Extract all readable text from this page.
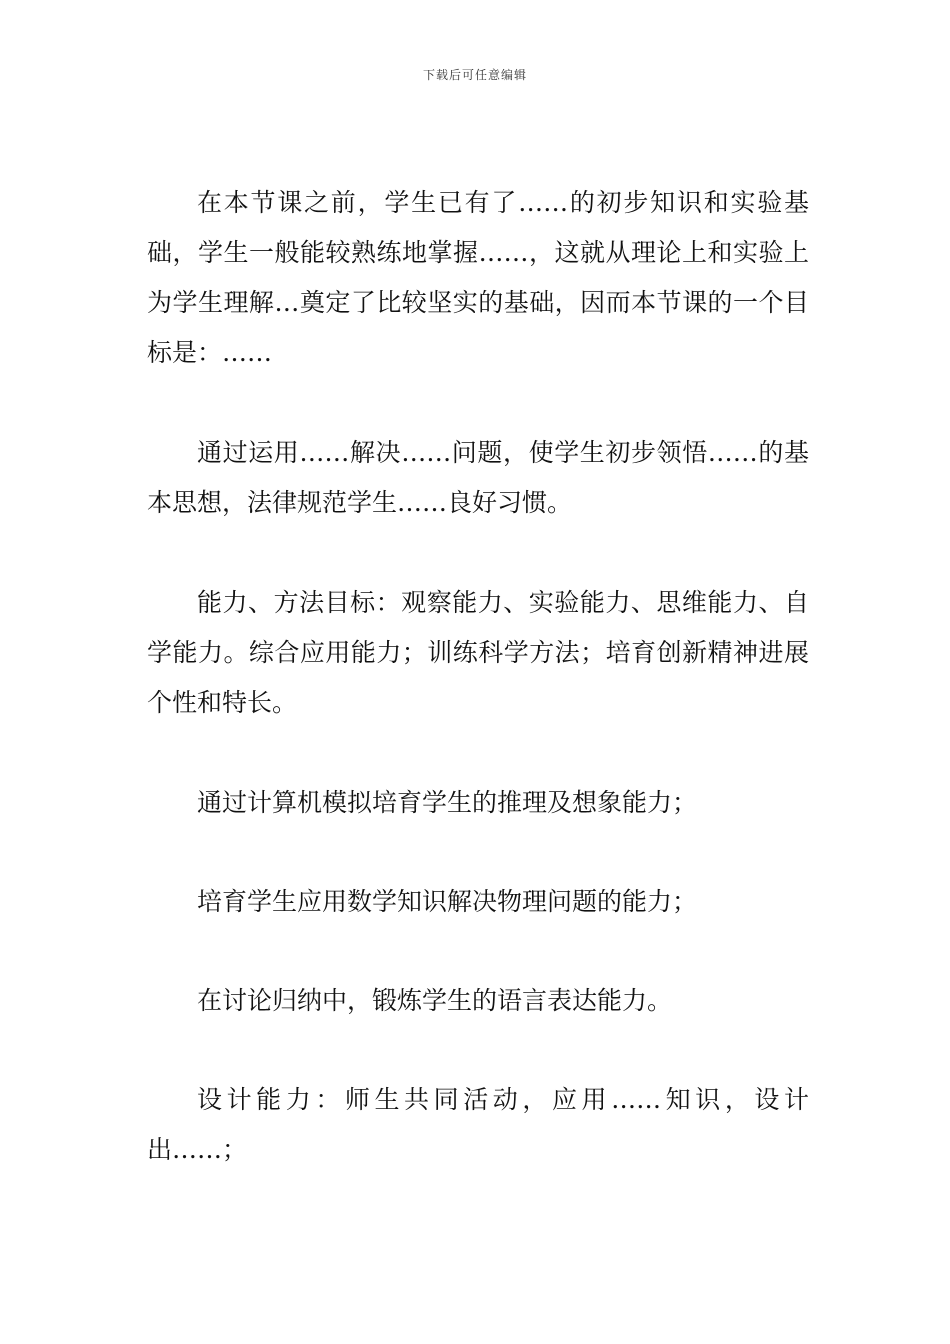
下载后可任意编辑

在本节课之前，学生已有了……的初步知识和实验基础，学生一般能较熟练地掌握……，这就从理论上和实验上为学生理解…奠定了比较坚实的基础，因而本节课的一个目标是：……

通过运用……解决……问题，使学生初步领悟……的基本思想，法律规范学生……良好习惯。

能力、方法目标：观察能力、实验能力、思维能力、自学能力。综合应用能力；训练科学方法；培育创新精神进展个性和特长。

通过计算机模拟培育学生的推理及想象能力；

培育学生应用数学知识解决物理问题的能力；

在讨论归纳中，锻炼学生的语言表达能力。

设计能力：师生共同活动，应用……知识，设计出……；
